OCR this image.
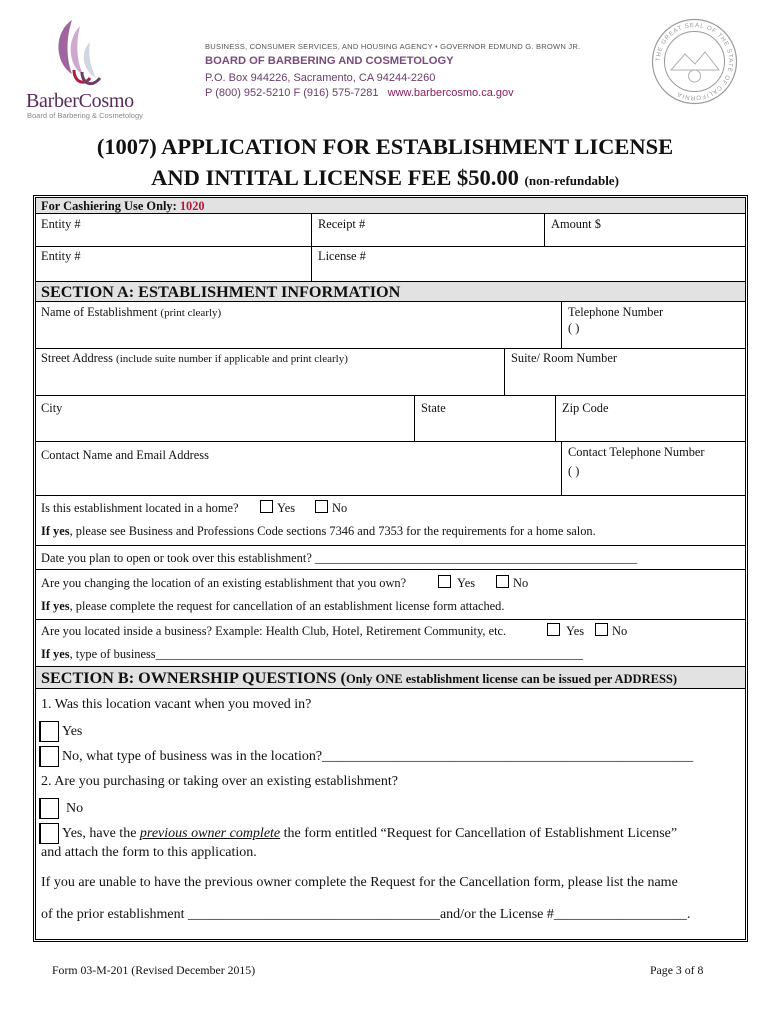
BarberCosmo
Board of Barbering & Cosmetology
BUSINESS, CONSUMER SERVICES, AND HOUSING AGENCY • GOVERNOR EDMUND G. BROWN JR.
BOARD OF BARBERING AND COSMETOLOGY
P.O. Box 944226, Sacramento, CA 94244-2260
P (800) 952-5210 F (916) 575-7281 www.barbercosmo.ca.gov
THE GREAT SEAL OF THE STATE OF CALIFORNIA
(1007) APPLICATION FOR ESTABLISHMENT LICENSE
AND INTITAL LICENSE FEE $50.00 (non-refundable)
For Cashiering Use Only: 1020
Entity #	Receipt #	Amount $
Entity #	License #
SECTION A: ESTABLISHMENT INFORMATION
Name of Establishment (print clearly)	Telephone Number
( )
Street Address (include suite number if applicable and print clearly)	Suite/ Room Number
City	State	Zip Code
Contact Name and Email Address	Contact Telephone Number
( )
Is this establishment located in a home?	Yes	No
If yes, please see Business and Professions Code sections 7346 and 7353 for the requirements for a home salon.
Date you plan to open or took over this establishment? ____________________________________________________
Are you changing the location of an existing establishment that you own?	Yes	No
If yes, please complete the request for cancellation of an establishment license form attached.
Are you located inside a business? Example: Health Club, Hotel, Retirement Community, etc.	Yes No
If yes, type of business_____________________________________________________________________
SECTION B: OWNERSHIP QUESTIONS (Only ONE establishment license can be issued per ADDRESS)
1. Was this location vacant when you moved in?
Yes
No, what type of business was in the location?_____________________________________________________
2. Are you purchasing or taking over an existing establishment?
No
Yes, have the previous owner complete the form entitled “Request for Cancellation of Establishment License”
and attach the form to this application.
If you are unable to have the previous owner complete the Request for the Cancellation form, please list the name
of the prior establishment ____________________________________and/or the License #___________________.
Form 03-M-201 (Revised December 2015)	Page 3 of 8
